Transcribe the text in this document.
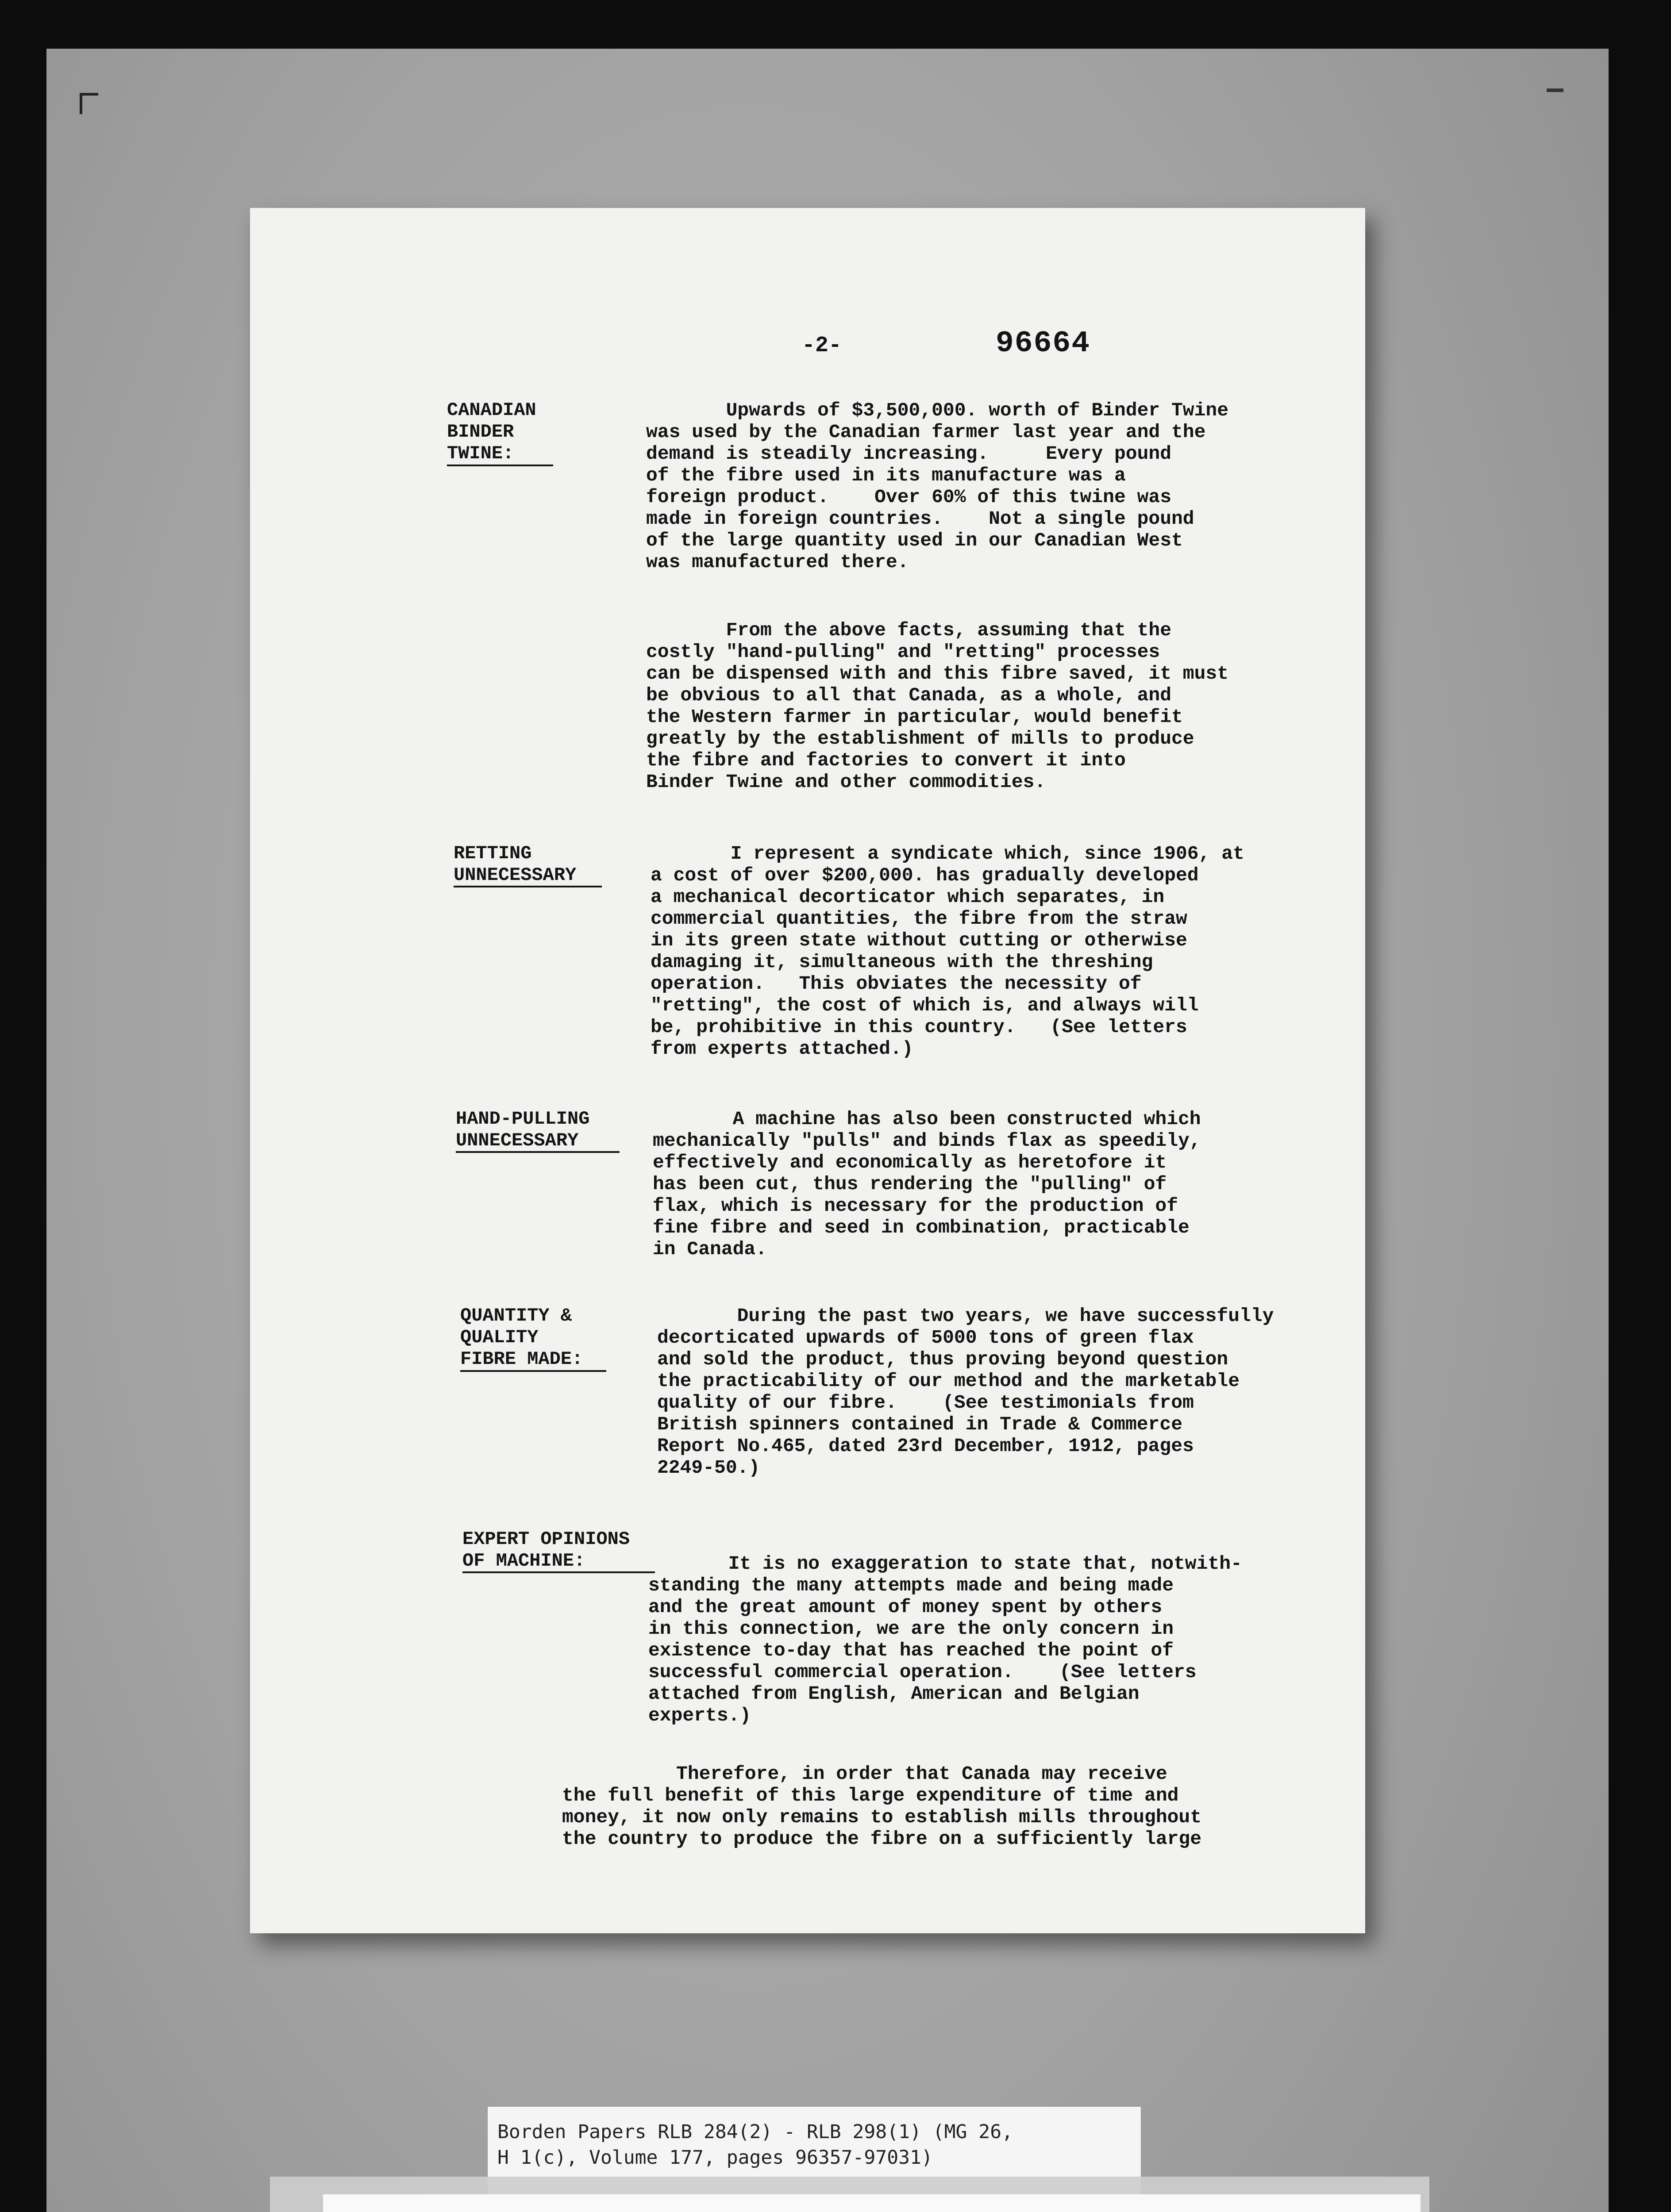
-2-	96664

CANADIAN
BINDER
TWINE:
Upwards of $3,500,000. worth of Binder Twine
was used by the Canadian farmer last year and the
demand is steadily increasing.     Every pound
of the fibre used in its manufacture was a
foreign product.    Over 60% of this twine was
made in foreign countries.    Not a single pound
of the large quantity used in our Canadian West
was manufactured there.
From the above facts, assuming that the
costly "hand-pulling" and "retting" processes
can be dispensed with and this fibre saved, it must
be obvious to all that Canada, as a whole, and
the Western farmer in particular, would benefit
greatly by the establishment of mills to produce
the fibre and factories to convert it into
Binder Twine and other commodities.
RETTING
UNNECESSARY
I represent a syndicate which, since 1906, at
a cost of over $200,000. has gradually developed
a mechanical decorticator which separates, in
commercial quantities, the fibre from the straw
in its green state without cutting or otherwise
damaging it, simultaneous with the threshing
operation.   This obviates the necessity of
"retting", the cost of which is, and always will
be, prohibitive in this country.   (See letters
from experts attached.)
HAND-PULLING
UNNECESSARY
A machine has also been constructed which
mechanically "pulls" and binds flax as speedily,
effectively and economically as heretofore it
has been cut, thus rendering the "pulling" of
flax, which is necessary for the production of
fine fibre and seed in combination, practicable
in Canada.
QUANTITY &
QUALITY
FIBRE MADE:
During the past two years, we have successfully
decorticated upwards of 5000 tons of green flax
and sold the product, thus proving beyond question
the practicability of our method and the marketable
quality of our fibre.    (See testimonials from
British spinners contained in Trade & Commerce
Report No.465, dated 23rd December, 1912, pages
2249-50.)
EXPERT OPINIONS
OF MACHINE:	It is no exaggeration to state that, notwith-
standing the many attempts made and being made
and the great amount of money spent by others
in this connection, we are the only concern in
existence to-day that has reached the point of
successful commercial operation.    (See letters
attached from English, American and Belgian
experts.)
Therefore, in order that Canada may receive
the full benefit of this large expenditure of time and
money, it now only remains to establish mills throughout
the country to produce the fibre on a sufficiently large
Borden Papers RLB 284(2) - RLB 298(1) (MG 26,
H 1(c), Volume 177, pages 96357-97031)
